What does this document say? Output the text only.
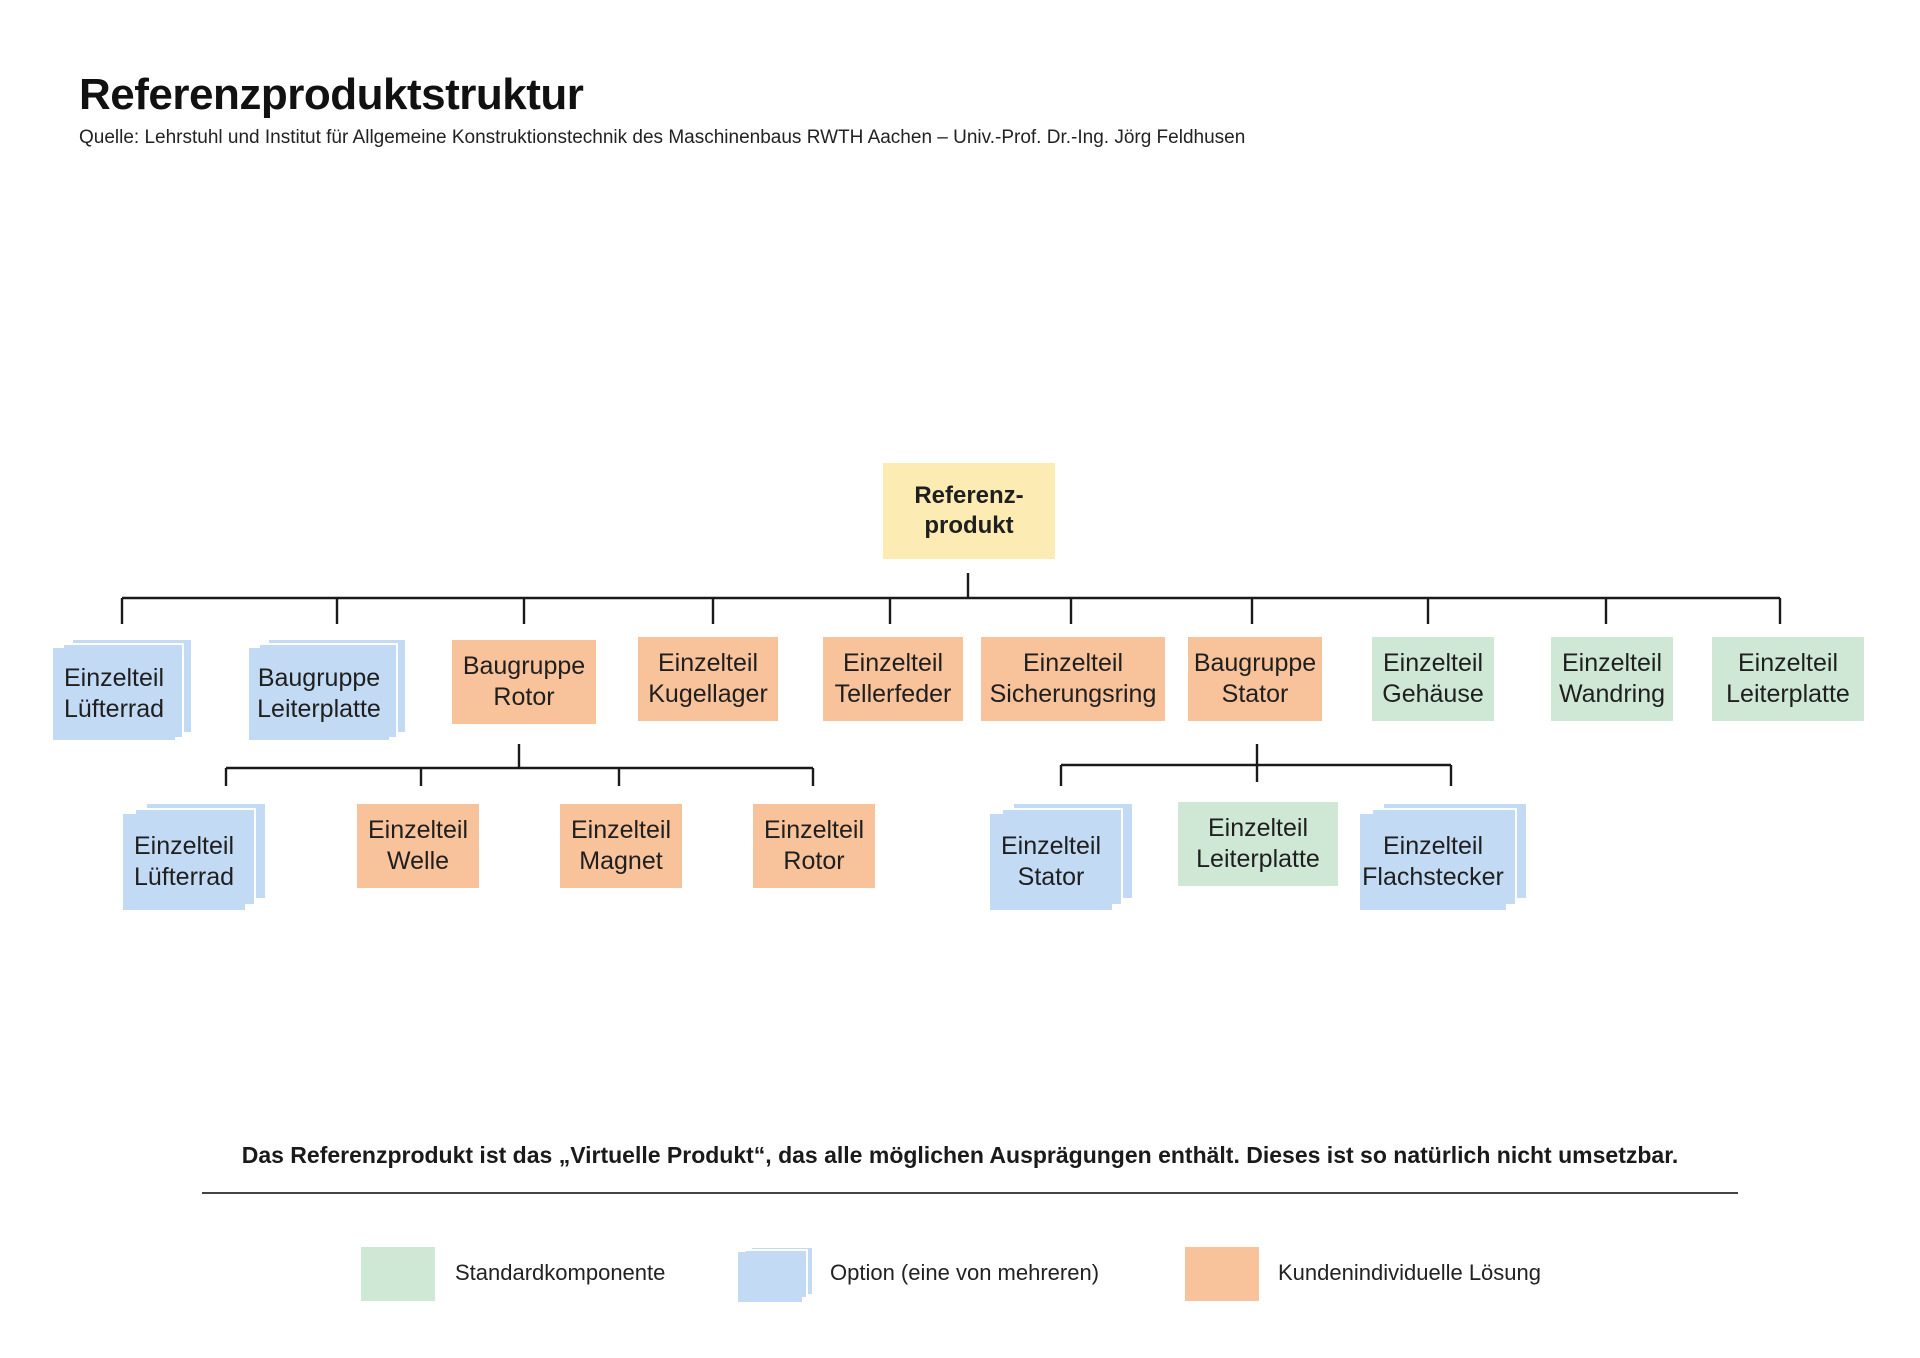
Referenzproduktstruktur
Quelle: Lehrstuhl und Institut für Allgemeine Konstruktionstechnik des Maschinenbaus RWTH Aachen – Univ.-Prof. Dr.-Ing. Jörg Feldhusen
Referenz-
produkt
Einzelteil
Lüfterrad
Baugruppe
Leiterplatte
Baugruppe
Rotor
Einzelteil
Kugellager
Einzelteil
Tellerfeder
Einzelteil
Sicherungsring
Baugruppe
Stator
Einzelteil
Gehäuse
Einzelteil
Wandring
Einzelteil
Leiterplatte
Einzelteil
Lüfterrad
Einzelteil
Welle
Einzelteil
Magnet
Einzelteil
Rotor
Einzelteil
Stator
Einzelteil
Leiterplatte	Einzelteil
Flachstecker
Das Referenzprodukt ist das „Virtuelle Produkt“, das alle möglichen Ausprägungen enthält. Dieses ist so natürlich nicht umsetzbar.
Standardkomponente	Option (eine von mehreren)	Kundenindividuelle Lösung
